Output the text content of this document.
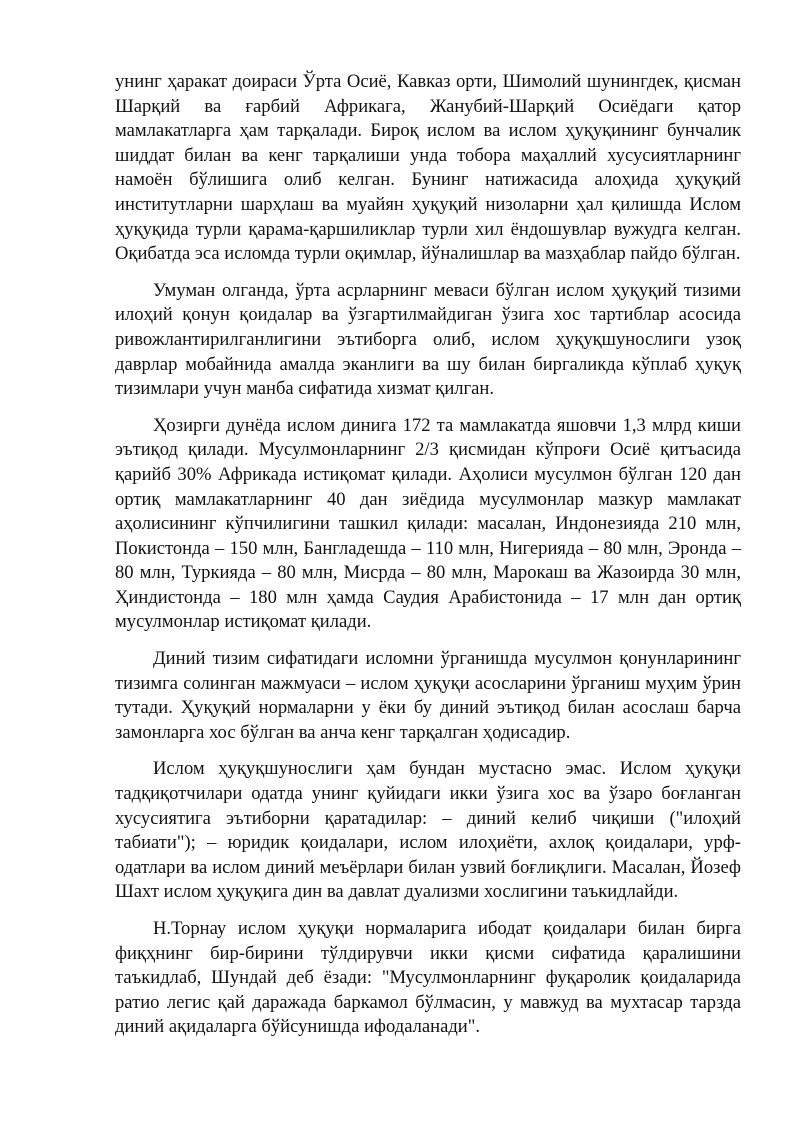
унинг ҳаракат доираси Ўрта Осиё, Кавказ орти, Шимолий шунингдек, қисман Шарқий ва ғарбий Африкага, Жанубий-Шарқий Осиёдаги қатор мамлакатларга ҳам тарқалади. Бироқ ислом ва ислом ҳуқуқининг бунчалик шиддат билан ва кенг тарқалиши унда тобора маҳаллий хусусиятларнинг намоён бўлишига олиб келган. Бунинг натижасида алоҳида ҳуқуқий институтларни шарҳлаш ва муайян ҳуқуқий низоларни ҳал қилишда Ислом ҳуқуқида турли қарама-қаршиликлар турли хил ёндошувлар вужудга келган. Оқибатда эса исломда турли оқимлар, йўналишлар ва мазҳаблар пайдо бўлган.

Умуман олганда, ўрта асрларнинг меваси бўлган ислом ҳуқуқий тизими илоҳий қонун қоидалар ва ўзгартилмайдиган ўзига хос тартиблар асосида ривожлантирилганлигини эътиборга олиб, ислом ҳуқуқшунослиги узоқ даврлар мобайнида амалда эканлиги ва шу билан биргаликда кўплаб ҳуқуқ тизимлари учун манба сифатида хизмат қилган.

Ҳозирги дунёда ислом динига 172 та мамлакатда яшовчи 1,3 млрд киши эътиқод қилади. Мусулмонларнинг 2/3 қисмидан кўпроғи Осиё қитъасида қарийб 30% Африкада истиқомат қилади. Аҳолиси мусулмон бўлган 120 дан ортиқ мамлакатларнинг 40 дан зиёдида мусулмонлар мазкур мамлакат аҳолисининг кўпчилигини ташкил қилади: масалан, Индонезияда 210 млн, Покистонда – 150 млн, Бангладешда – 110 млн, Нигерияда – 80 млн, Эронда – 80 млн, Туркияда – 80 млн, Мисрда – 80 млн, Марокаш ва Жазоирда 30 млн, Ҳиндистонда – 180 млн ҳамда Саудия Арабистонида – 17 млн дан ортиқ мусулмонлар истиқомат қилади.

Диний тизим сифатидаги исломни ўрганишда мусулмон қонунларининг тизимга солинган мажмуаси – ислом ҳуқуқи асосларини ўрганиш муҳим ўрин тутади. Ҳуқуқий нормаларни у ёки бу диний эътиқод билан асослаш барча замонларга хос бўлган ва анча кенг тарқалган ҳодисадир.

Ислом ҳуқуқшунослиги ҳам бундан мустасно эмас. Ислом ҳуқуқи тадқиқотчилари одатда унинг қуйидаги икки ўзига хос ва ўзаро боғланган хусусиятига эътиборни қаратадилар: – диний келиб чиқиши ("илоҳий табиати"); – юридик қоидалари, ислом илоҳиёти, ахлоқ қоидалари, урф-одатлари ва ислом диний меъёрлари билан узвий боғлиқлиги. Масалан, Йозеф Шахт ислом ҳуқуқига дин ва давлат дуализми хослигини таъкидлайди.

Н.Торнау ислом ҳуқуқи нормаларига ибодат қоидалари билан бирга фиқҳнинг бир-бирини тўлдирувчи икки қисми сифатида қаралишини таъкидлаб, Шундай деб ёзади: "Мусулмонларнинг фуқаролик қоидаларида ратио легис қай даражада баркамол бўлмасин, у мавжуд ва мухтасар тарзда диний ақидаларга бўйсунишда ифодаланади".
